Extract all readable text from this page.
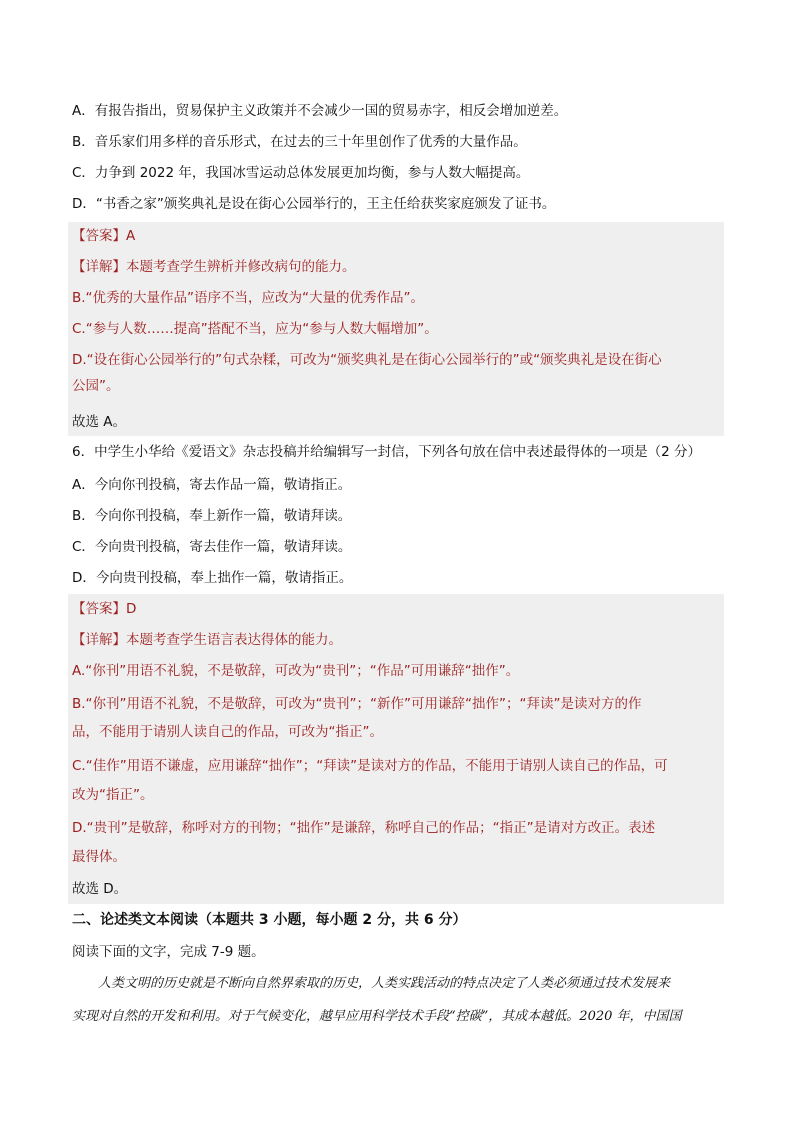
A．有报告指出，贸易保护主义政策并不会减少一国的贸易赤字，相反会增加逆差。
B．音乐家们用多样的音乐形式，在过去的三十年里创作了优秀的大量作品。
C．力争到 2022 年，我国冰雪运动总体发展更加均衡，参与人数大幅提高。
D．“书香之家”颁奖典礼是设在街心公园举行的，王主任给获奖家庭颁发了证书。
【答案】A
【详解】本题考查学生辨析并修改病句的能力。
B.“优秀的大量作品”语序不当，应改为“大量的优秀作品”。
C.“参与人数……提高”搭配不当，应为“参与人数大幅增加”。
D.“设在街心公园举行的”句式杂糅，可改为“颁奖典礼是在街心公园举行的”或“颁奖典礼是设在街心
公园”。
故选 A。
6．中学生小华给《爱语文》杂志投稿并给编辑写一封信，下列各句放在信中表述最得体的一项是（2 分）
A．今向你刊投稿，寄去作品一篇，敬请指正。
B．今向你刊投稿，奉上新作一篇，敬请拜读。
C．今向贵刊投稿，寄去佳作一篇，敬请拜读。
D．今向贵刊投稿，奉上拙作一篇，敬请指正。
【答案】D
【详解】本题考查学生语言表达得体的能力。
A.“你刊”用语不礼貌，不是敬辞，可改为“贵刊”；“作品”可用谦辞“拙作”。
B.“你刊”用语不礼貌，不是敬辞，可改为“贵刊”；“新作”可用谦辞“拙作”；“拜读”是读对方的作
品，不能用于请别人读自己的作品，可改为“指正”。
C.“佳作”用语不谦虚，应用谦辞“拙作”；“拜读”是读对方的作品，不能用于请别人读自己的作品，可
改为“指正”。
D.“贵刊”是敬辞，称呼对方的刊物；“拙作”是谦辞，称呼自己的作品；“指正”是请对方改正。表述
最得体。
故选 D。
二、论述类文本阅读（本题共 3 小题，每小题 2 分，共 6 分）
阅读下面的文字，完成 7-9 题。
人类文明的历史就是不断向自然界索取的历史，人类实践活动的特点决定了人类必须通过技术发展来
实现对自然的开发和利用。对于气候变化，越早应用科学技术手段“控碳”，其成本越低。2020 年，中国国
